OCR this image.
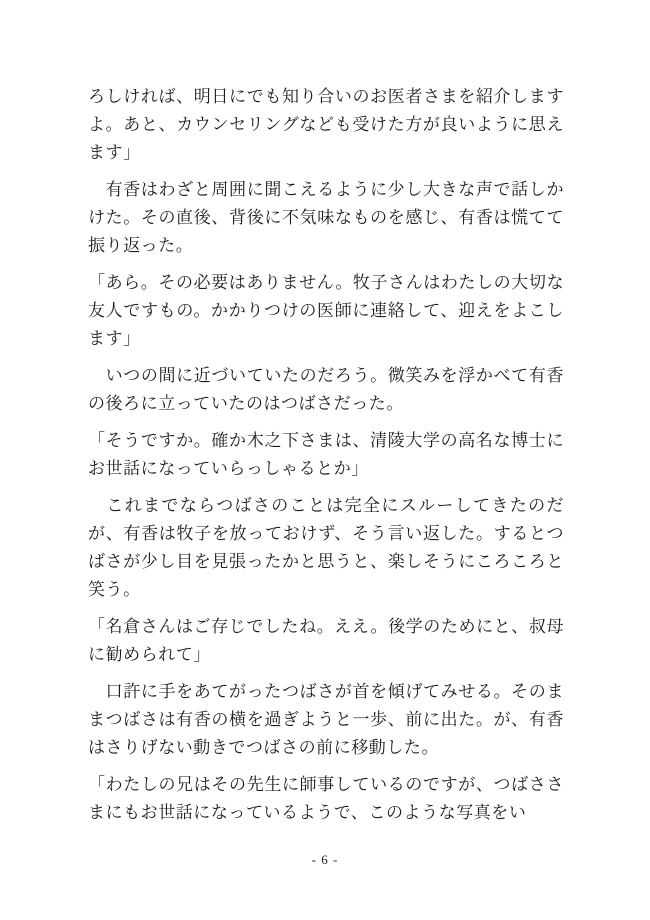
ろしければ、明日にでも知り合いのお医者さまを紹介しますよ。あと、カウンセリングなども受けた方が良いように思えます」

　有香はわざと周囲に聞こえるように少し大きな声で話しかけた。その直後、背後に不気味なものを感じ、有香は慌てて振り返った。

「あら。その必要はありません。牧子さんはわたしの大切な友人ですもの。かかりつけの医師に連絡して、迎えをよこします」

　いつの間に近づいていたのだろう。微笑みを浮かべて有香の後ろに立っていたのはつばさだった。

「そうですか。確か木之下さまは、清陵大学の高名な博士にお世話になっていらっしゃるとか」

　これまでならつばさのことは完全にスルーしてきたのだが、有香は牧子を放っておけず、そう言い返した。するとつばさが少し目を見張ったかと思うと、楽しそうにころころと笑う。

「名倉さんはご存じでしたね。ええ。後学のためにと、叔母に勧められて」

　口許に手をあてがったつばさが首を傾げてみせる。そのままつばさは有香の横を過ぎようと一歩、前に出た。が、有香はさりげない動きでつばさの前に移動した。

「わたしの兄はその先生に師事しているのですが、つばささまにもお世話になっているようで、このような写真をい

- 6 -
